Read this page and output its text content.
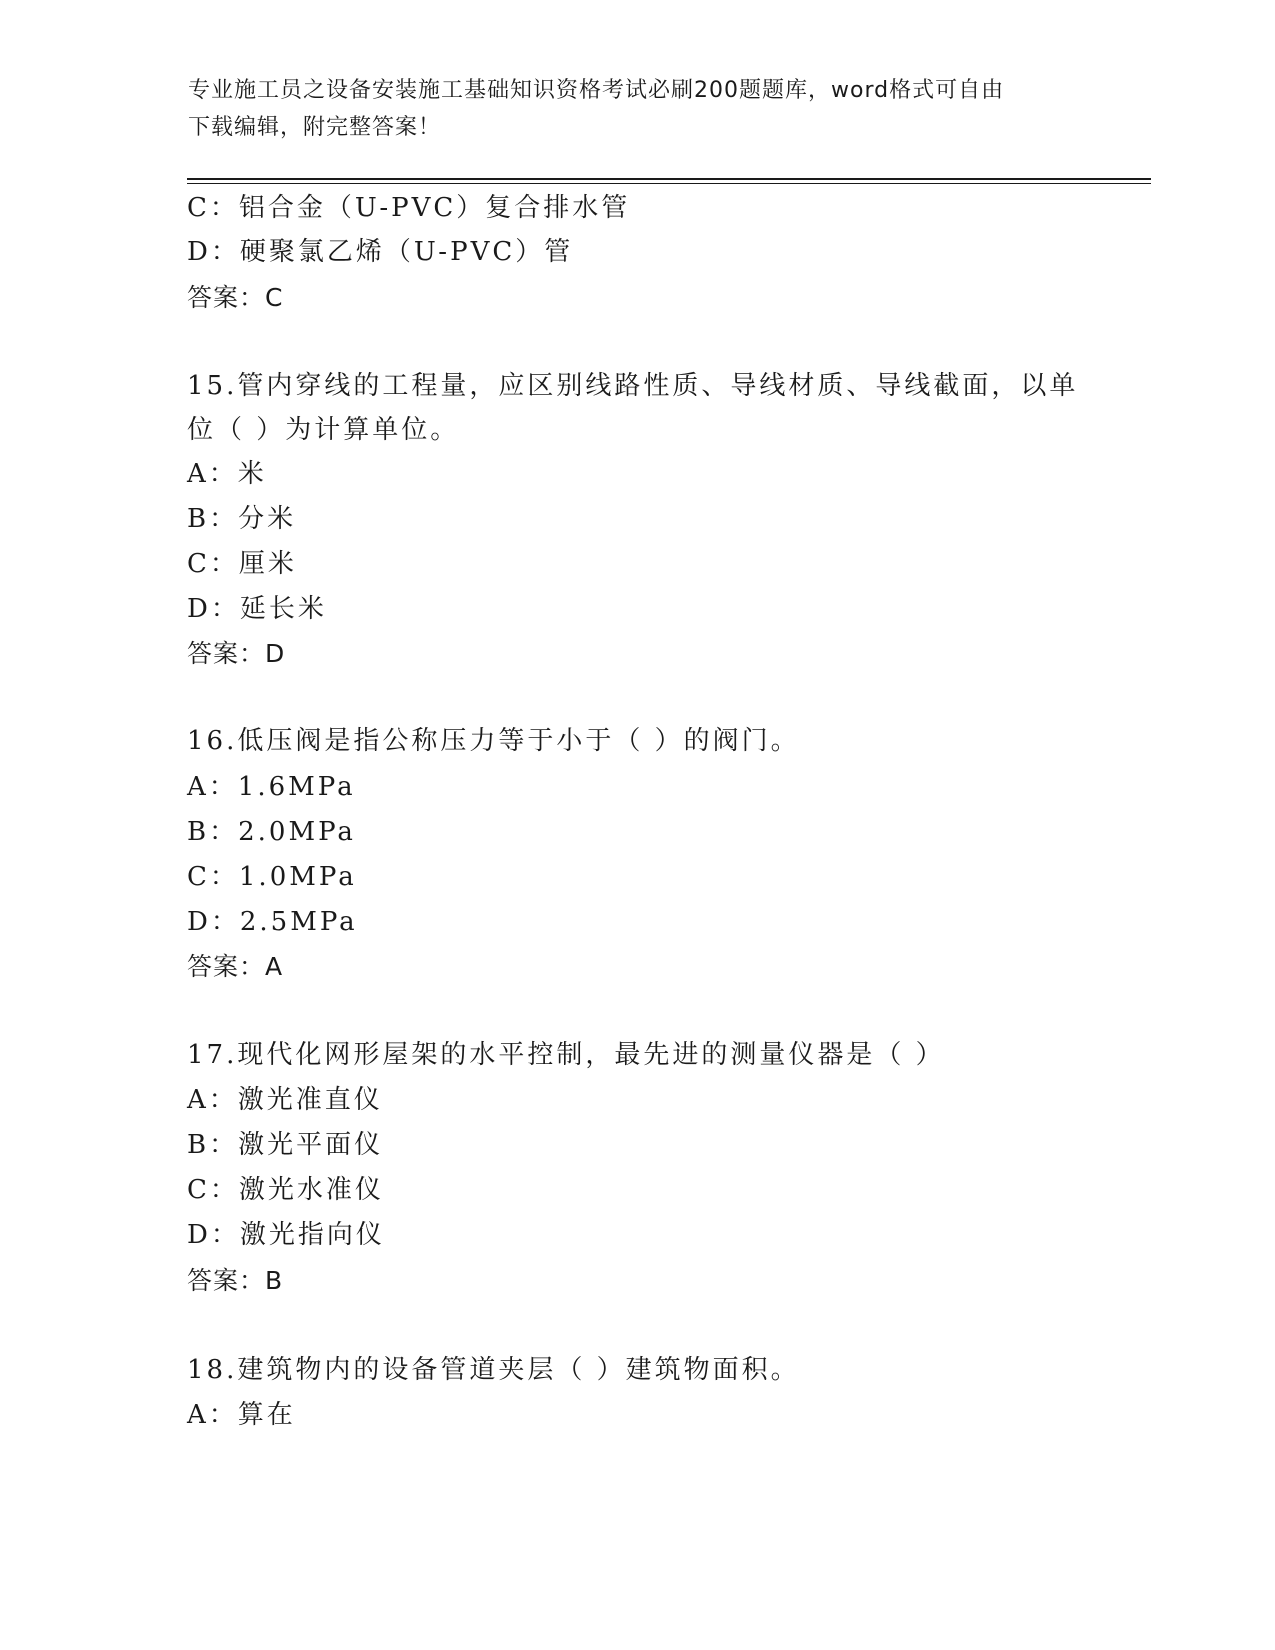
专业施工员之设备安装施工基础知识资格考试必刷200题题库，word格式可自由
下载编辑，附完整答案！
C：铝合金（U-PVC）复合排水管
D：硬聚氯乙烯（U-PVC）管
答案：C
15.管内穿线的工程量，应区别线路性质、导线材质、导线截面，以单
位（ ）为计算单位。
A：米
B：分米
C：厘米
D：延长米
答案：D
16.低压阀是指公称压力等于小于（ ）的阀门。
A：1.6MPa
B：2.0MPa
C：1.0MPa
D：2.5MPa
答案：A
17.现代化网形屋架的水平控制，最先进的测量仪器是（ ）
A：激光准直仪
B：激光平面仪
C：激光水准仪
D：激光指向仪
答案：B
18.建筑物内的设备管道夹层（ ）建筑物面积。
A：算在
